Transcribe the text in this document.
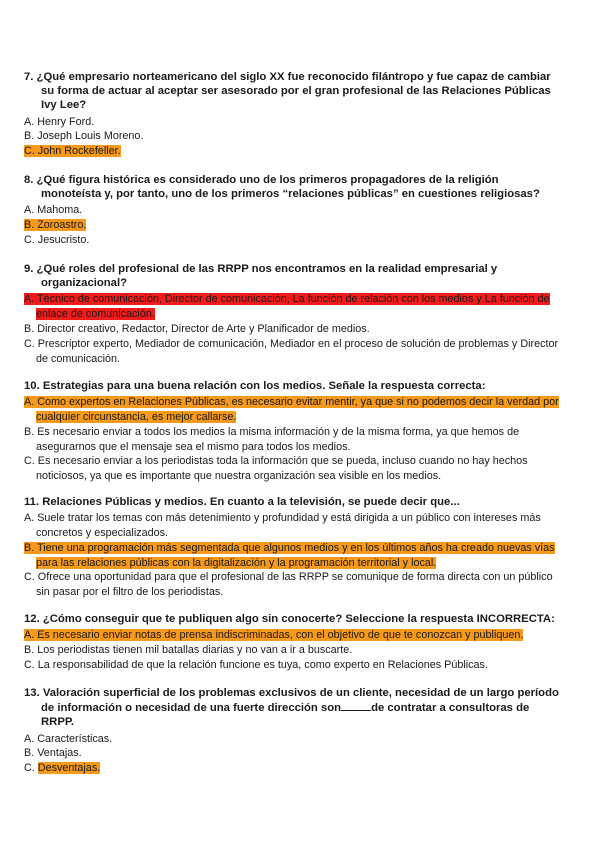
7. ¿Qué empresario norteamericano del siglo XX fue reconocido filántropo y fue capaz de cambiar su forma de actuar al aceptar ser asesorado por el gran profesional de las Relaciones Públicas Ivy Lee?
A. Henry Ford.
B. Joseph Louis Moreno.
C. John Rockefeller.
8. ¿Qué figura histórica es considerado uno de los primeros propagadores de la religión monoteísta y, por tanto, uno de los primeros “relaciones públicas” en cuestiones religiosas?
A. Mahoma.
B. Zoroastro.
C. Jesucristo.
9. ¿Qué roles del profesional de las RRPP nos encontramos en la realidad empresarial y organizacional?
A. Técnico de comunicación, Director de comunicación, La función de relación con los medios y La función de enlace de comunicación.
B. Director creativo, Redactor, Director de Arte y Planificador de medios.
C. Prescriptor experto, Mediador de comunicación, Mediador en el proceso de solución de problemas y Director de comunicación.
10. Estrategias para una buena relación con los medios. Señale la respuesta correcta:
A. Como expertos en Relaciones Públicas, es necesario evitar mentir, ya que si no podemos decir la verdad por cualquier circunstancia, es mejor callarse.
B. Es necesario enviar a todos los medios la misma información y de la misma forma, ya que hemos de asegurarnos que el mensaje sea el mismo para todos los medios.
C. Es necesario enviar a los periodistas toda la información que se pueda, incluso cuando no hay hechos noticiosos, ya que es importante que nuestra organización sea visible en los medios.
11. Relaciones Públicas y medios. En cuanto a la televisión, se puede decir que...
A. Suele tratar los temas con más detenimiento y profundidad y está dirigida a un público con intereses más concretos y especializados.
B. Tiene una programación más segmentada que algunos medios y en los últimos años ha creado nuevas vías para las relaciones públicas con la digitalización y la programación territorial y local.
C. Ofrece una oportunidad para que el profesional de las RRPP se comunique de forma directa con un público sin pasar por el filtro de los periodistas.
12. ¿Cómo conseguir que te publiquen algo sin conocerte? Seleccione la respuesta INCORRECTA:
A. Es necesario enviar notas de prensa indiscriminadas, con el objetivo de que te conozcan y publiquen.
B. Los periodistas tienen mil batallas diarias y no van a ir a buscarte.
C. La responsabilidad de que la relación funcione es tuya, como experto en Relaciones Públicas.
13. Valoración superficial de los problemas exclusivos de un cliente, necesidad de un largo período de información o necesidad de una fuerte dirección son	de contratar a consultoras de RRPP.
A. Características.
B. Ventajas.
C. Desventajas.
